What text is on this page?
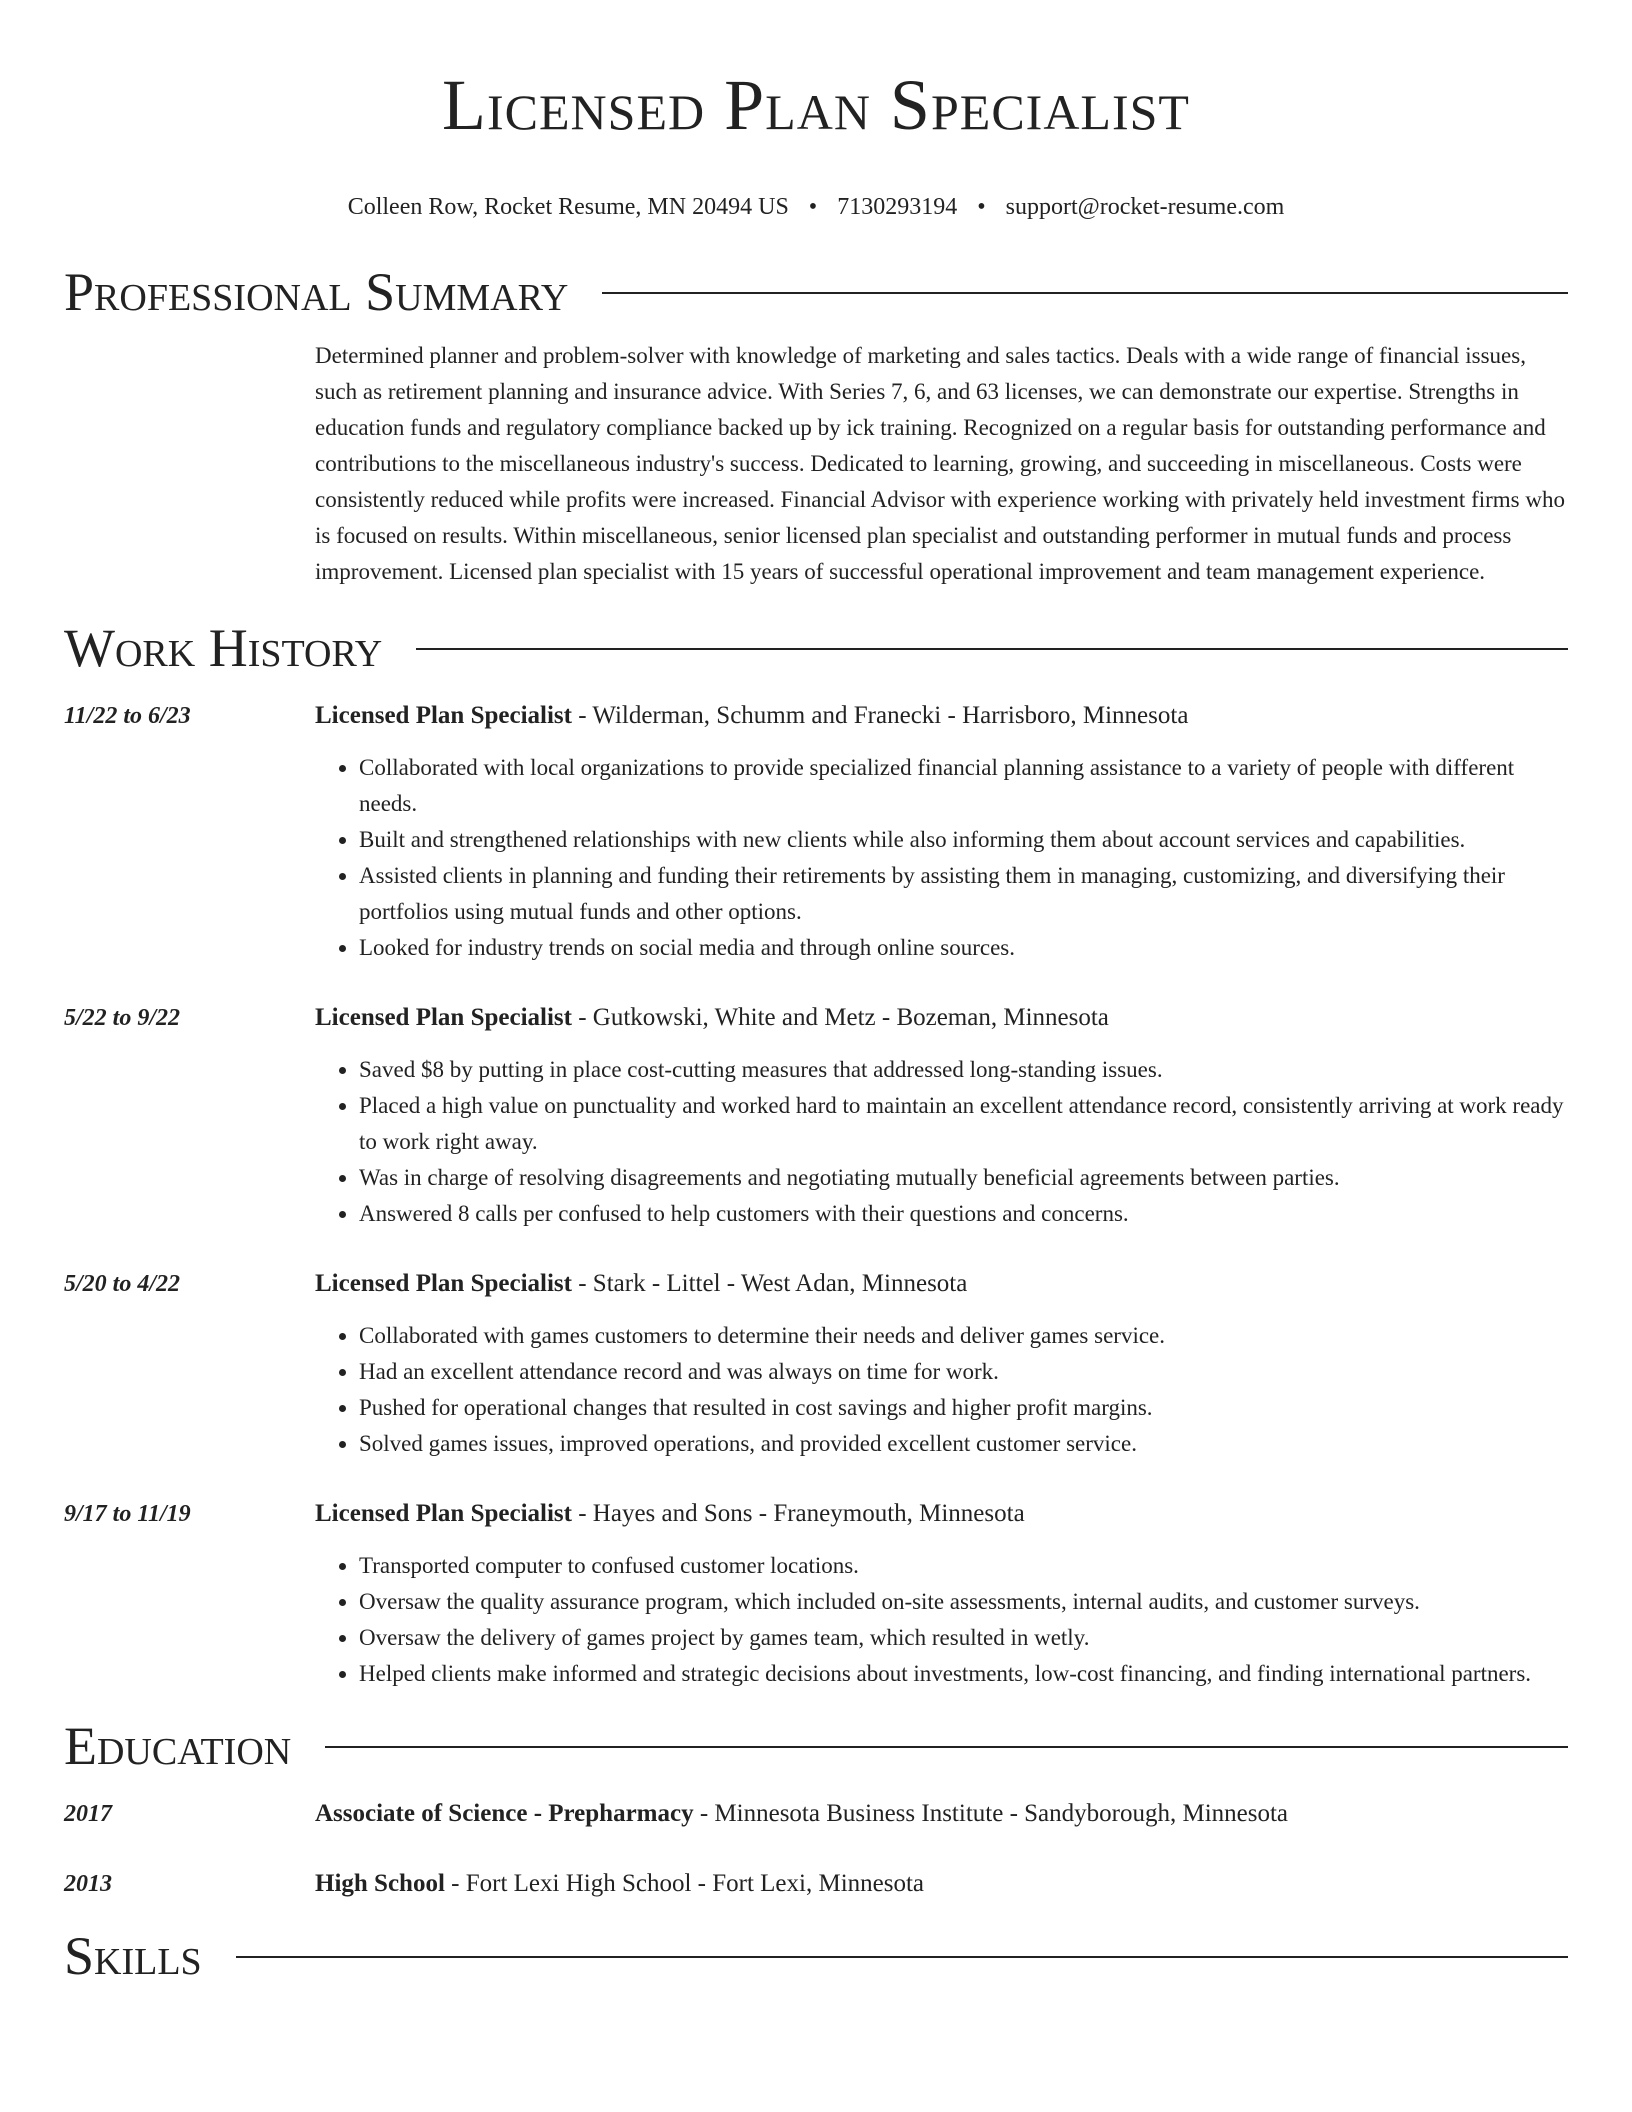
Licensed Plan Specialist
Colleen Row, Rocket Resume, MN 20494 US • 7130293194 • support@rocket-resume.com
Professional Summary
Determined planner and problem-solver with knowledge of marketing and sales tactics. Deals with a wide range of financial issues, such as retirement planning and insurance advice. With Series 7, 6, and 63 licenses, we can demonstrate our expertise. Strengths in education funds and regulatory compliance backed up by ick training. Recognized on a regular basis for outstanding performance and contributions to the miscellaneous industry's success. Dedicated to learning, growing, and succeeding in miscellaneous. Costs were consistently reduced while profits were increased. Financial Advisor with experience working with privately held investment firms who is focused on results. Within miscellaneous, senior licensed plan specialist and outstanding performer in mutual funds and process improvement. Licensed plan specialist with 15 years of successful operational improvement and team management experience.
Work History
11/22 to 6/23	Licensed Plan Specialist - Wilderman, Schumm and Franecki - Harrisboro, Minnesota
• Collaborated with local organizations to provide specialized financial planning assistance to a variety of people with different needs.
• Built and strengthened relationships with new clients while also informing them about account services and capabilities.
• Assisted clients in planning and funding their retirements by assisting them in managing, customizing, and diversifying their portfolios using mutual funds and other options.
• Looked for industry trends on social media and through online sources.
5/22 to 9/22	Licensed Plan Specialist - Gutkowski, White and Metz - Bozeman, Minnesota
• Saved $8 by putting in place cost-cutting measures that addressed long-standing issues.
• Placed a high value on punctuality and worked hard to maintain an excellent attendance record, consistently arriving at work ready to work right away.
• Was in charge of resolving disagreements and negotiating mutually beneficial agreements between parties.
• Answered 8 calls per confused to help customers with their questions and concerns.
5/20 to 4/22	Licensed Plan Specialist - Stark - Littel - West Adan, Minnesota
• Collaborated with games customers to determine their needs and deliver games service.
• Had an excellent attendance record and was always on time for work.
• Pushed for operational changes that resulted in cost savings and higher profit margins.
• Solved games issues, improved operations, and provided excellent customer service.
9/17 to 11/19	Licensed Plan Specialist - Hayes and Sons - Franeymouth, Minnesota
• Transported computer to confused customer locations.
• Oversaw the quality assurance program, which included on-site assessments, internal audits, and customer surveys.
• Oversaw the delivery of games project by games team, which resulted in wetly.
• Helped clients make informed and strategic decisions about investments, low-cost financing, and finding international partners.
Education
2017	Associate of Science - Prepharmacy - Minnesota Business Institute - Sandyborough, Minnesota
2013	High School - Fort Lexi High School - Fort Lexi, Minnesota
Skills
